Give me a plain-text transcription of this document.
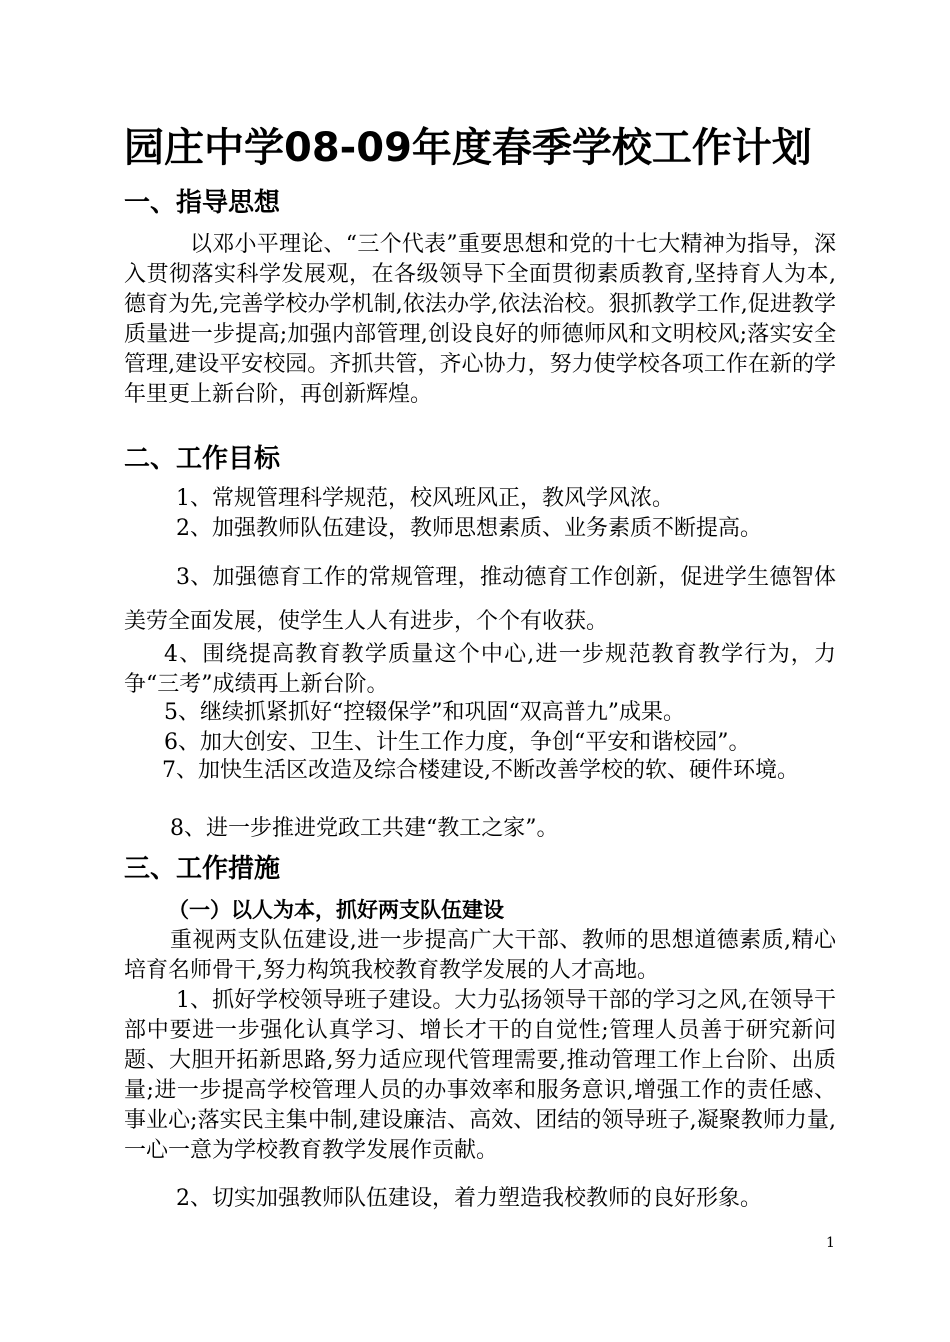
园庄中学08-09年度春季学校工作计划
一、指导思想
以邓小平理论、“三个代表”重要思想和党的十七大精神为指导，深入贯彻落实科学发展观，在各级领导下全面贯彻素质教育,坚持育人为本,德育为先,完善学校办学机制,依法办学,依法治校。狠抓教学工作,促进教学质量进一步提高;加强内部管理,创设良好的师德师风和文明校风;落实安全管理,建设平安校园。齐抓共管，齐心协力，努力使学校各项工作在新的学年里更上新台阶，再创新辉煌。
二、工作目标
1、常规管理科学规范，校风班风正，教风学风浓。
2、加强教师队伍建设，教师思想素质、业务素质不断提高。
3、加强德育工作的常规管理，推动德育工作创新，促进学生德智体美劳全面发展，使学生人人有进步，个个有收获。
4、围绕提高教育教学质量这个中心,进一步规范教育教学行为，力争“三考”成绩再上新台阶。
5、继续抓紧抓好“控辍保学”和巩固“双高普九”成果。
6、加大创安、卫生、计生工作力度，争创“平安和谐校园”。
7、加快生活区改造及综合楼建设,不断改善学校的软、硬件环境。
8、进一步推进党政工共建“教工之家”。
三、工作措施
（一）以人为本，抓好两支队伍建设
重视两支队伍建设,进一步提高广大干部、教师的思想道德素质,精心培育名师骨干,努力构筑我校教育教学发展的人才高地。
1、抓好学校领导班子建设。大力弘扬领导干部的学习之风,在领导干部中要进一步强化认真学习、增长才干的自觉性;管理人员善于研究新问题、大胆开拓新思路,努力适应现代管理需要,推动管理工作上台阶、出质量;进一步提高学校管理人员的办事效率和服务意识,增强工作的责任感、事业心;落实民主集中制,建设廉洁、高效、团结的领导班子,凝聚教师力量,一心一意为学校教育教学发展作贡献。
2、切实加强教师队伍建设，着力塑造我校教师的良好形象。
1
